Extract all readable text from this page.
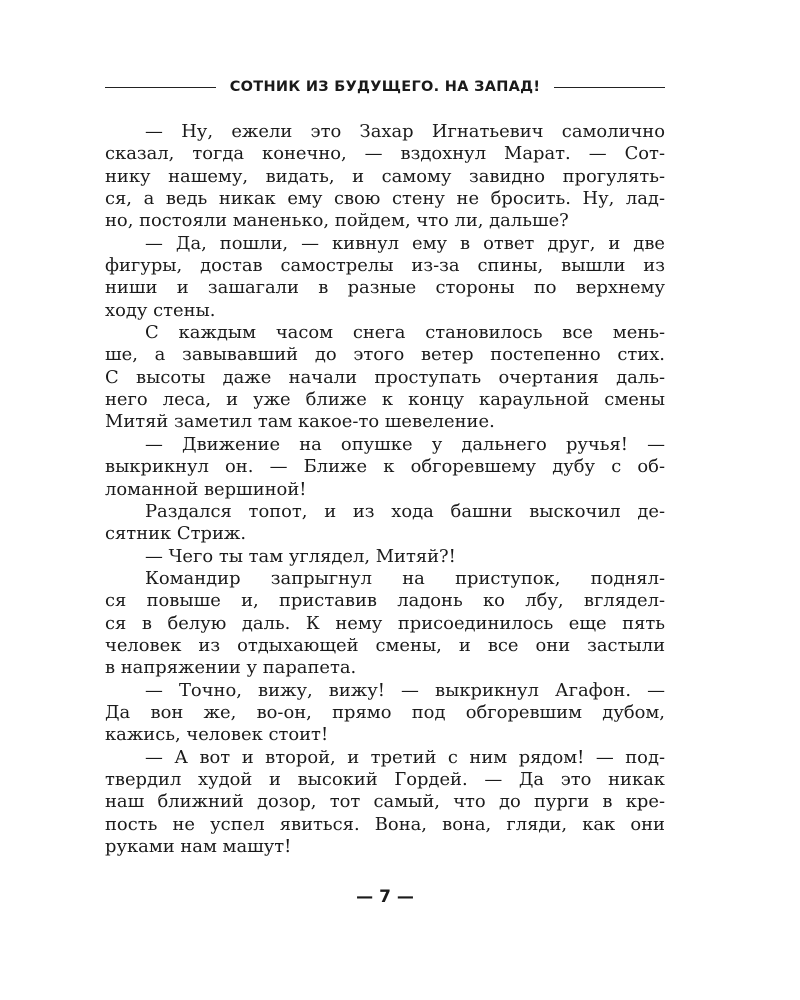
СОТНИК ИЗ БУДУЩЕГО. НА ЗАПАД!
— Ну, ежели это Захар Игнатьевич самолично
сказал, тогда конечно, — вздохнул Марат. — Сот-
нику нашему, видать, и самому завидно прогулять-
ся, а ведь никак ему свою стену не бросить. Ну, лад-
но, постояли маненько, пойдем, что ли, дальше?
— Да, пошли, — кивнул ему в ответ друг, и две
фигуры, достав самострелы из-за спины, вышли из
ниши и зашагали в разные стороны по верхнему
ходу стены.
С каждым часом снега становилось все мень-
ше, а завывавший до этого ветер постепенно стих.
С высоты даже начали проступать очертания даль-
него леса, и уже ближе к концу караульной смены
Митяй заметил там какое-то шевеление.
— Движение на опушке у дальнего ручья! —
выкрикнул он. — Ближе к обгоревшему дубу с об-
ломанной вершиной!
Раздался топот, и из хода башни выскочил де-
сятник Стриж.
— Чего ты там углядел, Митяй?!
Командир запрыгнул на приступок, поднял-
ся повыше и, приставив ладонь ко лбу, вглядел-
ся в белую даль. К нему присоединилось еще пять
человек из отдыхающей смены, и все они застыли
в напряжении у парапета.
— Точно, вижу, вижу! — выкрикнул Агафон. —
Да вон же, во-он, прямо под обгоревшим дубом,
кажись, человек стоит!
— А вот и второй, и третий с ним рядом! — под-
твердил худой и высокий Гордей. — Да это никак
наш ближний дозор, тот самый, что до пурги в кре-
пость не успел явиться. Вона, вона, гляди, как они
руками нам машут!
— 7 —
